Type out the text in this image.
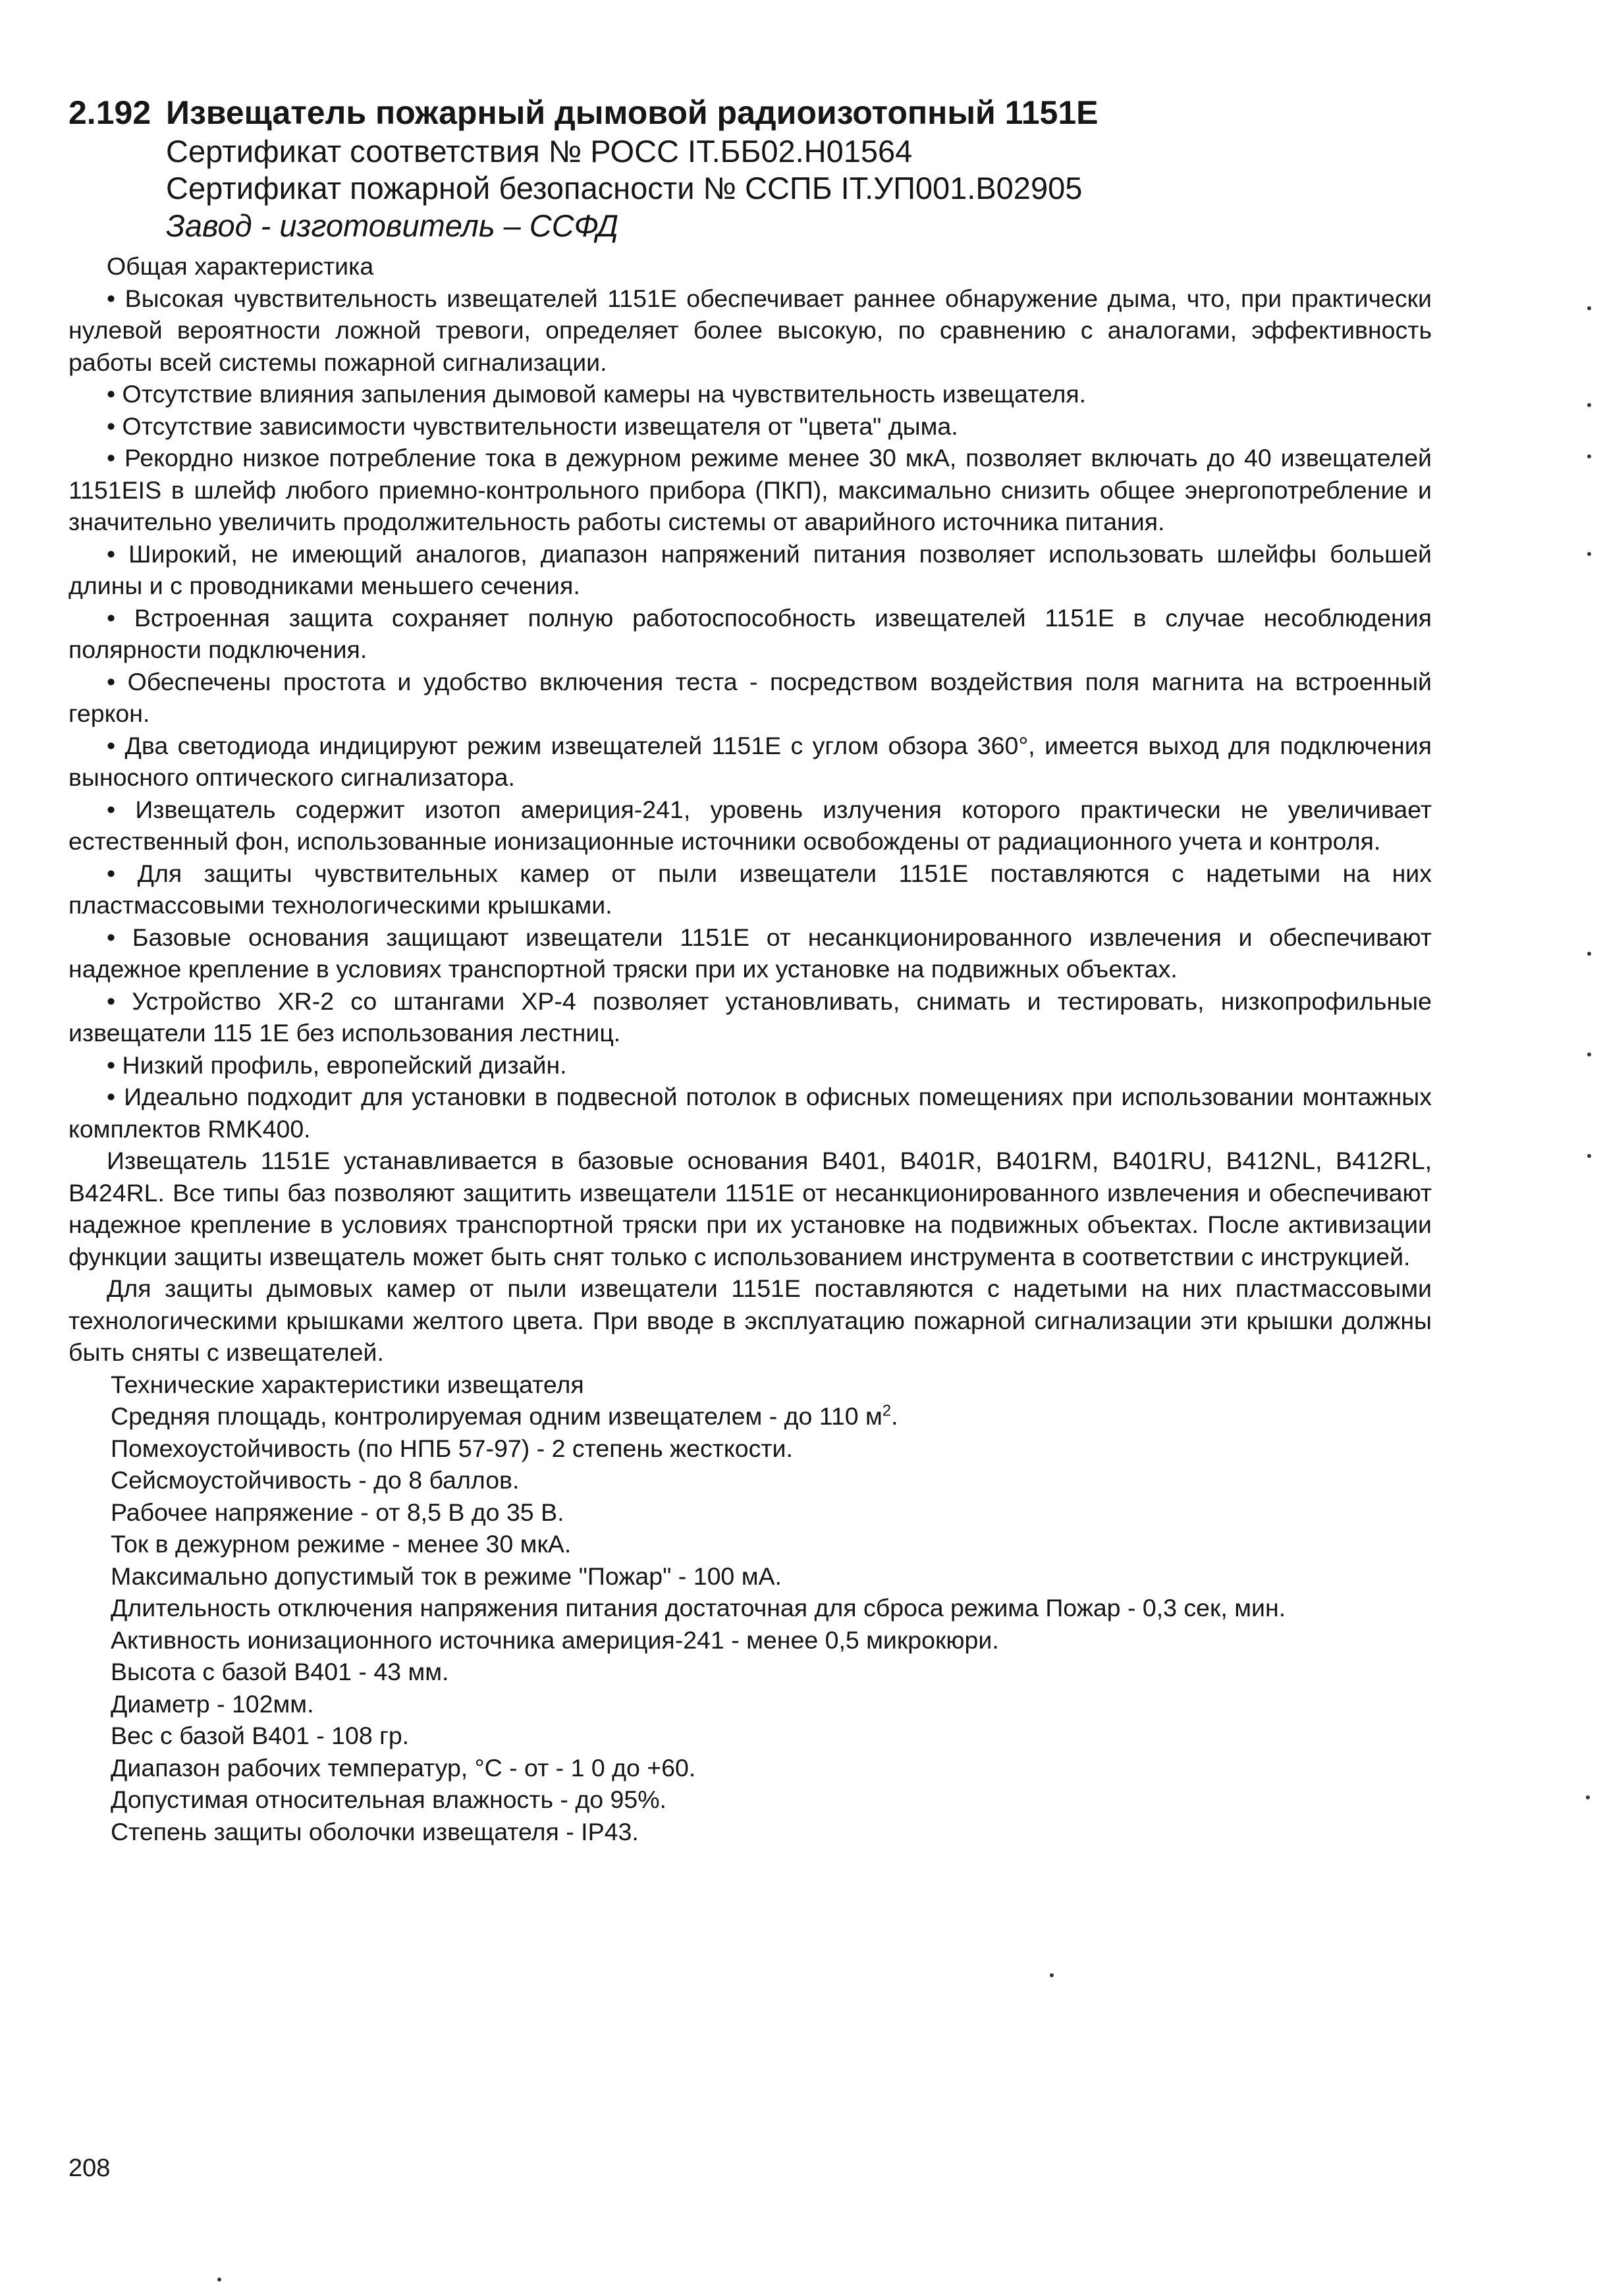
2.192 Извещатель пожарный дымовой радиоизотопный 1151Е
Сертификат соответствия № РОСС IT.ББ02.Н01564
Сертификат пожарной безопасности № ССПБ IT.УП001.В02905
Завод - изготовитель – ССФД

Общая характеристика

• Высокая чувствительность извещателей 1151Е обеспечивает раннее обнаружение дыма, что, при практически нулевой вероятности ложной тревоги, определяет более высокую, по сравнению с аналогами, эффективность работы всей системы пожарной сигнализации.

• Отсутствие влияния запыления дымовой камеры на чувствительность извещателя.

• Отсутствие зависимости чувствительности извещателя от "цвета" дыма.

• Рекордно низкое потребление тока в дежурном режиме менее 30 мкА, позволяет включать до 40 извещателей 1151EIS в шлейф любого приемно-контрольного прибора (ПКП), максимально снизить общее энергопотребление и значительно увеличить продолжительность работы системы от аварийного источника питания.

• Широкий, не имеющий аналогов, диапазон напряжений питания позволяет использовать шлейфы большей длины и с проводниками меньшего сечения.

• Встроенная защита сохраняет полную работоспособность извещателей 1151Е в случае несоблюдения полярности подключения.

• Обеспечены простота и удобство включения теста - посредством воздействия поля магнита на встроенный геркон.

• Два светодиода индицируют режим извещателей 1151Е с углом обзора 360°, имеется выход для подключения выносного оптического сигнализатора.

• Извещатель содержит изотоп америция-241, уровень излучения которого практически не увеличивает естественный фон, использованные ионизационные источники освобождены от радиационного учета и контроля.

• Для защиты чувствительных камер от пыли извещатели 1151Е поставляются с надетыми на них пластмассовыми технологическими крышками.

• Базовые основания защищают извещатели 1151Е от несанкционированного извлечения и обеспечивают надежное крепление в условиях транспортной тряски при их установке на подвижных объектах.

• Устройство XR-2 со штангами XP-4 позволяет установливать, снимать и тестировать, низкопрофильные извещатели 115 1Е без использования лестниц.

• Низкий профиль, европейский дизайн.

• Идеально подходит для установки в подвесной потолок в офисных помещениях при использовании монтажных комплектов RMK400.

Извещатель 1151Е устанавливается в базовые основания В401, В401R, В401RM, В401RU, В412NL, В412RL, В424RL. Все типы баз позволяют защитить извещатели 1151Е от несанкционированного извлечения и обеспечивают надежное крепление в условиях транспортной тряски при их установке на подвижных объектах. После активизации функции защиты извещатель может быть снят только с использованием инструмента в соответствии с инструкцией.

Для защиты дымовых камер от пыли извещатели 1151Е поставляются с надетыми на них пластмассовыми технологическими крышками желтого цвета. При вводе в эксплуатацию пожарной сигнализации эти крышки должны быть сняты с извещателей.

Технические характеристики извещателя
Средняя площадь, контролируемая одним извещателем - до 110 $м^2$.
Помехоустойчивость (по НПБ 57-97) - 2 степень жесткости.
Сейсмоустойчивость - до 8 баллов.
Рабочее напряжение - от 8,5 В до 35 В.
Ток в дежурном режиме - менее 30 мкА.
Максимально допустимый ток в режиме "Пожар" - 100 мА.
Длительность отключения напряжения питания достаточная для сброса режима Пожар - 0,3 сек, мин.
Активность ионизационного источника америция-241 - менее 0,5 микрокюри.
Высота с базой В401 - 43 мм.
Диаметр - 102мм.
Вес с базой В401 - 108 гр.
Диапазон рабочих температур, °С - от - 1 0 до +60.
Допустимая относительная влажность - до 95%.
Степень защиты оболочки извещателя - IP43.
208
